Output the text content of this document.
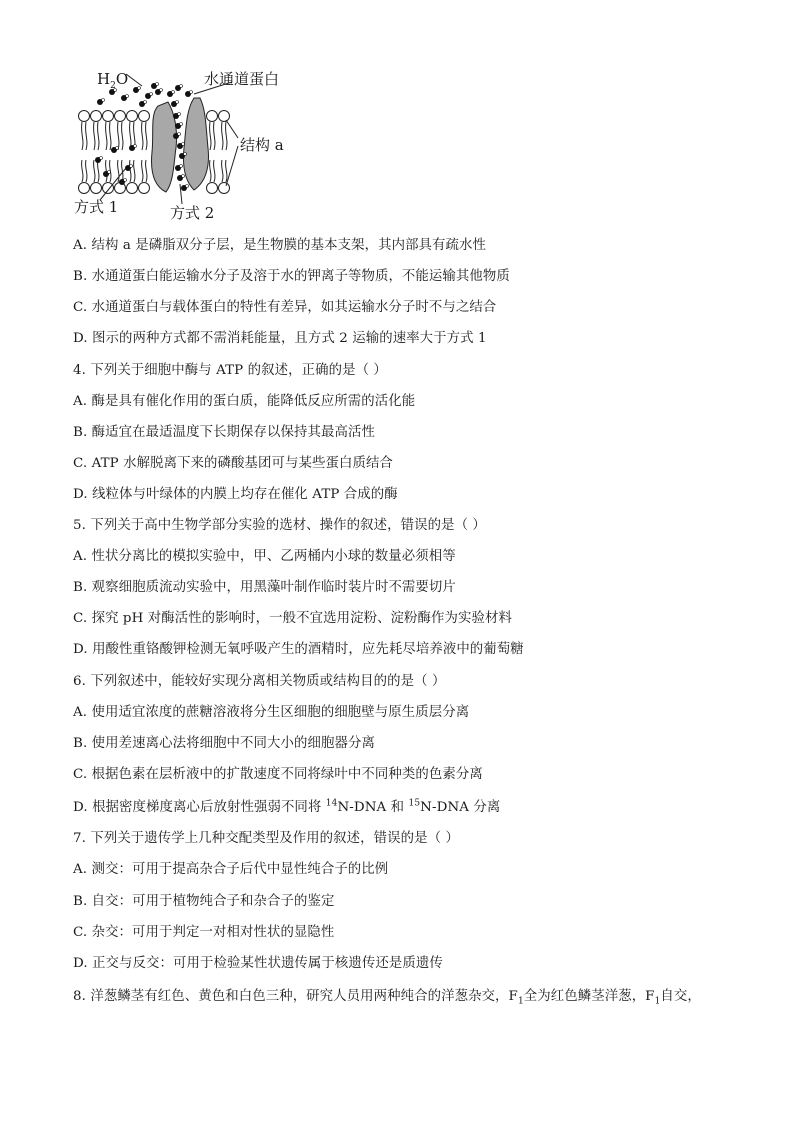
$H_2O$	水通道蛋白
结构 a
方式 1	方式 2
A. 结构 a 是磷脂双分子层，是生物膜的基本支架，其内部具有疏水性
B. 水通道蛋白能运输水分子及溶于水的钾离子等物质，不能运输其他物质
C. 水通道蛋白与载体蛋白的特性有差异，如其运输水分子时不与之结合
D. 图示的两种方式都不需消耗能量，且方式 2 运输的速率大于方式 1
4. 下列关于细胞中酶与 ATP 的叙述，正确的是（ ）
A. 酶是具有催化作用的蛋白质，能降低反应所需的活化能
B. 酶适宜在最适温度下长期保存以保持其最高活性
C. ATP 水解脱离下来的磷酸基团可与某些蛋白质结合
D. 线粒体与叶绿体的内膜上均存在催化 ATP 合成的酶
5. 下列关于高中生物学部分实验的选材、操作的叙述，错误的是（ ）
A. 性状分离比的模拟实验中，甲、乙两桶内小球的数量必须相等
B. 观察细胞质流动实验中，用黑藻叶制作临时装片时不需要切片
C. 探究 pH 对酶活性的影响时，一般不宜选用淀粉、淀粉酶作为实验材料
D. 用酸性重铬酸钾检测无氧呼吸产生的酒精时，应先耗尽培养液中的葡萄糖
6. 下列叙述中，能较好实现分离相关物质或结构目的的是（ ）
A. 使用适宜浓度的蔗糖溶液将分生区细胞的细胞壁与原生质层分离
B. 使用差速离心法将细胞中不同大小的细胞器分离
C. 根据色素在层析液中的扩散速度不同将绿叶中不同种类的色素分离
D. 根据密度梯度离心后放射性强弱不同将 $^{14}$N-DNA 和 $^{15}$N-DNA 分离
7. 下列关于遗传学上几种交配类型及作用的叙述，错误的是（ ）
A. 测交：可用于提高杂合子后代中显性纯合子的比例
B. 自交：可用于植物纯合子和杂合子的鉴定
C. 杂交：可用于判定一对相对性状的显隐性
D. 正交与反交：可用于检验某性状遗传属于核遗传还是质遗传
8. 洋葱鳞茎有红色、黄色和白色三种，研究人员用两种纯合的洋葱杂交，$F_1$全为红色鳞茎洋葱，$F_1$自交，
